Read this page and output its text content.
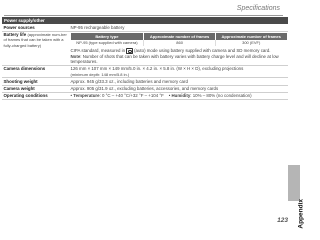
Specifications
Power supply/other
Power sources	NP-95 rechargeable battery
Battery life (approximate num-ber of frames that can be taken with a fully-charged battery)	
Battery type	Approximate number of frames	Approximate number of frames
NP-95 (type supplied with camera)	860	300 (EVF)
CIPA standard, measured in (auto) mode using battery supplied with camera and SD memory card.
Note: Number of shots that can be taken with battery varies with battery charge level and will decline at low temperatures.

Camera dimensions	126 mm × 107 mm × 149 mm/5.0 in. × 4.2 in. × 5.8 in. (W × H × D), excluding projections
(minimum depth: 148 mm/5.8 in.)

Shooting weight	Approx. 945 g/33.3 oz., including batteries and memory card
Camera weight	Approx. 905 g/31.9 oz., excluding batteries, accessories, and memory cards
Operating conditions	• Temperature: 0 °C – +40 °C/+32 °F – +104 °F • Humidity: 10% – 80% (no condensation)
Appendix
123
